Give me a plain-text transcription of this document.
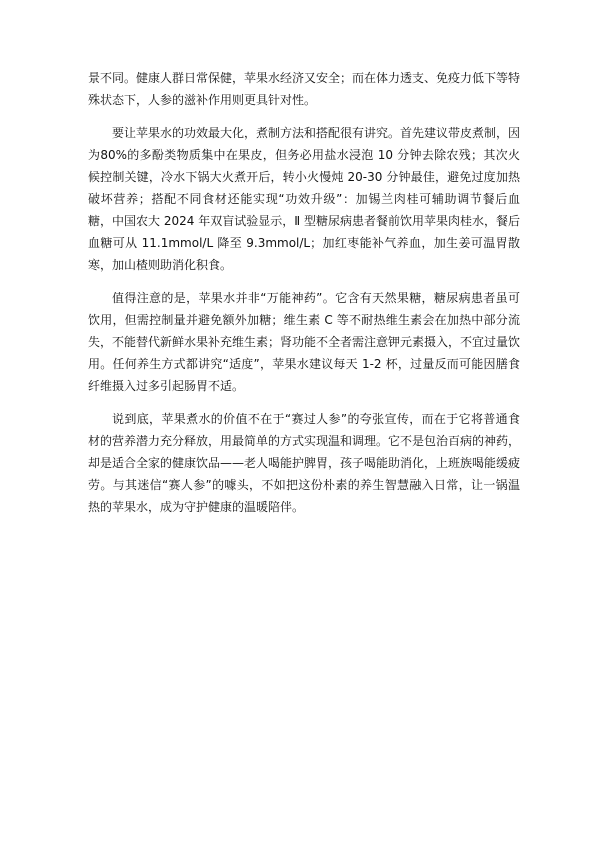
景不同。健康人群日常保健，苹果水经济又安全；而在体力透支、免疫力低下等特殊状态下，人参的滋补作用则更具针对性。

要让苹果水的功效最大化，煮制方法和搭配很有讲究。首先建议带皮煮制，因为80%的多酚类物质集中在果皮，但务必用盐水浸泡 10 分钟去除农残；其次火候控制关键，冷水下锅大火煮开后，转小火慢炖 20-30 分钟最佳，避免过度加热破坏营养；搭配不同食材还能实现“功效升级”：加锡兰肉桂可辅助调节餐后血糖，中国农大 2024 年双盲试验显示，Ⅱ 型糖尿病患者餐前饮用苹果肉桂水，餐后血糖可从 11.1mmol/L 降至 9.3mmol/L；加红枣能补气养血，加生姜可温胃散寒，加山楂则助消化积食。

值得注意的是，苹果水并非“万能神药”。它含有天然果糖，糖尿病患者虽可饮用，但需控制量并避免额外加糖；维生素 C 等不耐热维生素会在加热中部分流失，不能替代新鲜水果补充维生素；肾功能不全者需注意钾元素摄入，不宜过量饮用。任何养生方式都讲究“适度”，苹果水建议每天 1-2 杯，过量反而可能因膳食纤维摄入过多引起肠胃不适。

说到底，苹果煮水的价值不在于“赛过人参”的夸张宣传，而在于它将普通食材的营养潜力充分释放，用最简单的方式实现温和调理。它不是包治百病的神药，却是适合全家的健康饮品——老人喝能护脾胃，孩子喝能助消化，上班族喝能缓疲劳。与其迷信“赛人参”的噱头，不如把这份朴素的养生智慧融入日常，让一锅温热的苹果水，成为守护健康的温暖陪伴。
